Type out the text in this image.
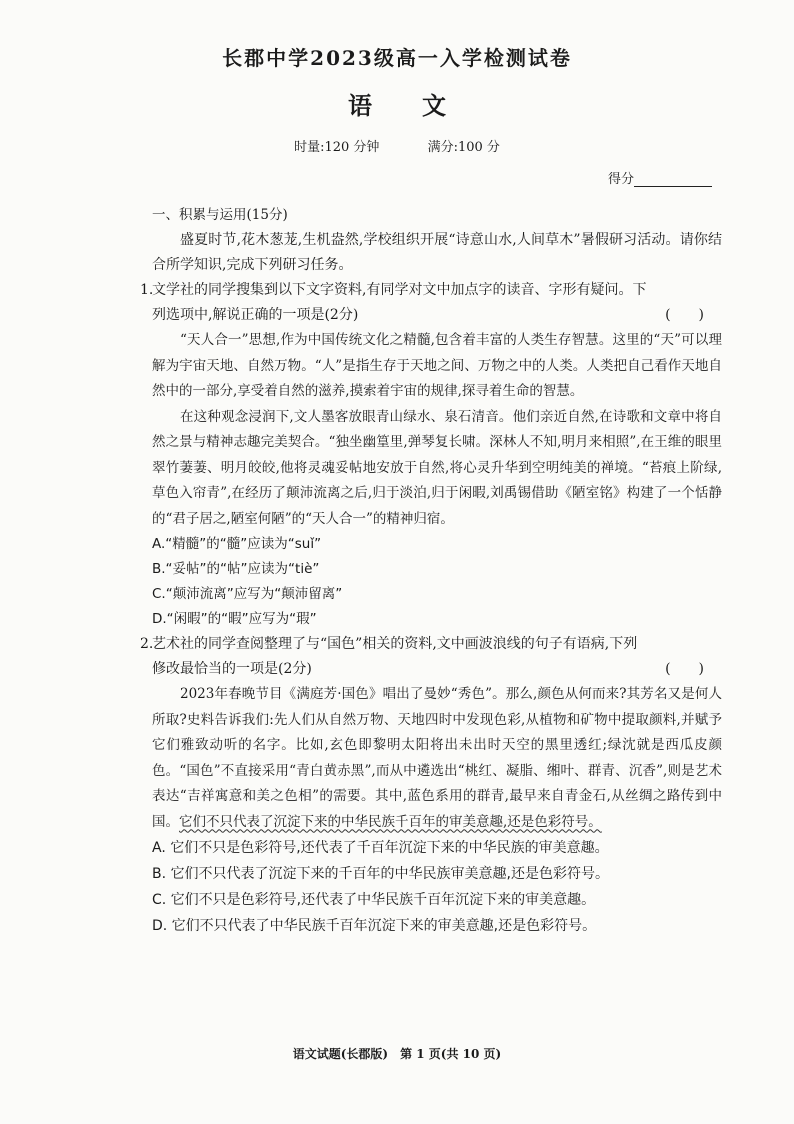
长郡中学2023级高一入学检测试卷
语文
时量:120 分钟	满分:100 分
得分

一、积累与运用(15分)

盛夏时节,花木葱茏,生机盎然,学校组织开展“诗意山水,人间草木”暑假研习活动。请你结合所学知识,完成下列研习任务。

1.文学社的同学搜集到以下文字资料,有同学对文中加点字的读音、字形有疑问。下

列选项中,解说正确的一项是(2分)	(　　)

“天人合一”思想,作为中国传统文化之精髓,包含着丰富的人类生存智慧。这里的“天”可以理解为宇宙天地、自然万物。“人”是指生存于天地之间、万物之中的人类。人类把自己看作天地自然中的一部分,享受着自然的滋养,摸索着宇宙的规律,探寻着生命的智慧。

在这种观念浸润下,文人墨客放眼青山绿水、泉石清音。他们亲近自然,在诗歌和文章中将自然之景与精神志趣完美契合。“独坐幽篁里,弹琴复长啸。深林人不知,明月来相照”,在王维的眼里翠竹萋萋、明月皎皎,他将灵魂妥帖地安放于自然,将心灵升华到空明纯美的禅境。“苔痕上阶绿,草色入帘青”,在经历了颠沛流离之后,归于淡泊,归于闲暇,刘禹锡借助《陋室铭》构建了一个恬静的“君子居之,陋室何陋”的“天人合一”的精神归宿。

A.“精髓”的“髓”应读为“suǐ”

B.“妥帖”的“帖”应读为“tiè”

C.“颠沛流离”应写为“颠沛留离”

D.“闲暇”的“暇”应写为“瑕”

2.艺术社的同学查阅整理了与“国色”相关的资料,文中画波浪线的句子有语病,下列

修改最恰当的一项是(2分)	(　　)

2023年春晚节目《满庭芳·国色》唱出了曼妙“秀色”。那么,颜色从何而来?其芳名又是何人所取?史料告诉我们:先人们从自然万物、天地四时中发现色彩,从植物和矿物中提取颜料,并赋予它们雅致动听的名字。比如,玄色即黎明太阳将出未出时天空的黑里透红;绿沈就是西瓜皮颜色。“国色”不直接采用“青白黄赤黑”,而从中遴选出“桃红、凝脂、缃叶、群青、沉香”,则是艺术表达“吉祥寓意和美之色相”的需要。其中,蓝色系用的群青,最早来自青金石,从丝绸之路传到中国。它们不只代表了沉淀下来的中华民族千百年的审美意趣,还是色彩符号。

A. 它们不只是色彩符号,还代表了千百年沉淀下来的中华民族的审美意趣。

B. 它们不只代表了沉淀下来的千百年的中华民族审美意趣,还是色彩符号。

C. 它们不只是色彩符号,还代表了中华民族千百年沉淀下来的审美意趣。

D. 它们不只代表了中华民族千百年沉淀下来的审美意趣,还是色彩符号。

语文试题(长郡版)　第 1 页(共 10 页)
